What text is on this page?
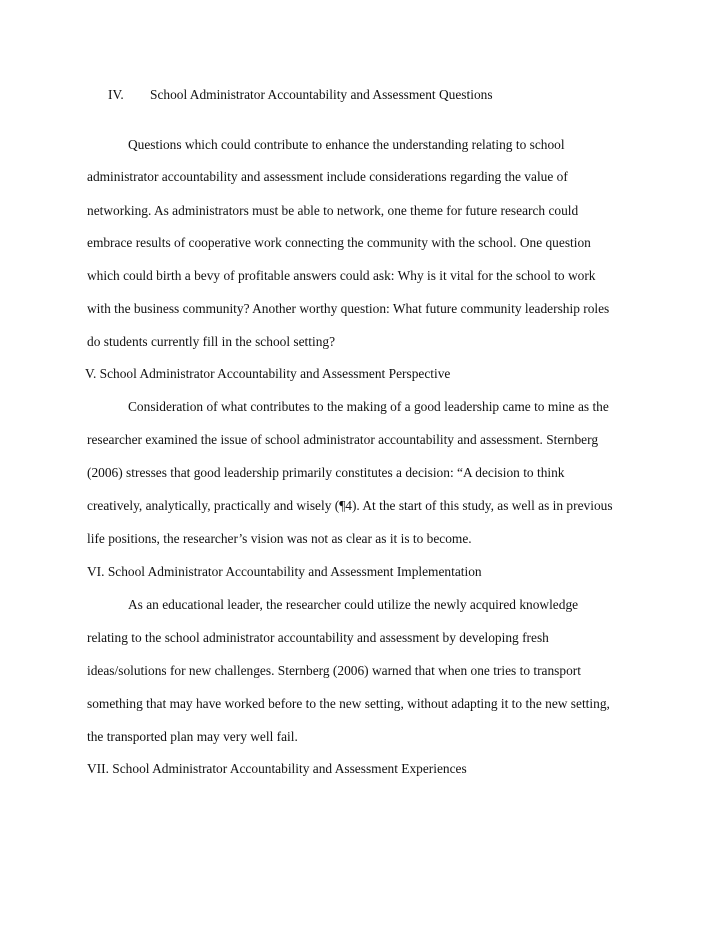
IV. School Administrator Accountability and Assessment Questions
Questions which could contribute to enhance the understanding relating to school
administrator accountability and assessment include considerations regarding the value of
networking. As administrators must be able to network, one theme for future research could
embrace results of cooperative work connecting the community with the school. One question
which could birth a bevy of profitable answers could ask: Why is it vital for the school to work
with the business community? Another worthy question: What future community leadership roles
do students currently fill in the school setting?
V. School Administrator Accountability and Assessment Perspective
Consideration of what contributes to the making of a good leadership came to mine as the
researcher examined the issue of school administrator accountability and assessment. Sternberg
(2006) stresses that good leadership primarily constitutes a decision: “A decision to think
creatively, analytically, practically and wisely (¶4). At the start of this study, as well as in previous
life positions, the researcher’s vision was not as clear as it is to become.
VI. School Administrator Accountability and Assessment Implementation
As an educational leader, the researcher could utilize the newly acquired knowledge
relating to the school administrator accountability and assessment by developing fresh
ideas/solutions for new challenges. Sternberg (2006) warned that when one tries to transport
something that may have worked before to the new setting, without adapting it to the new setting,
the transported plan may very well fail.
VII. School Administrator Accountability and Assessment Experiences
